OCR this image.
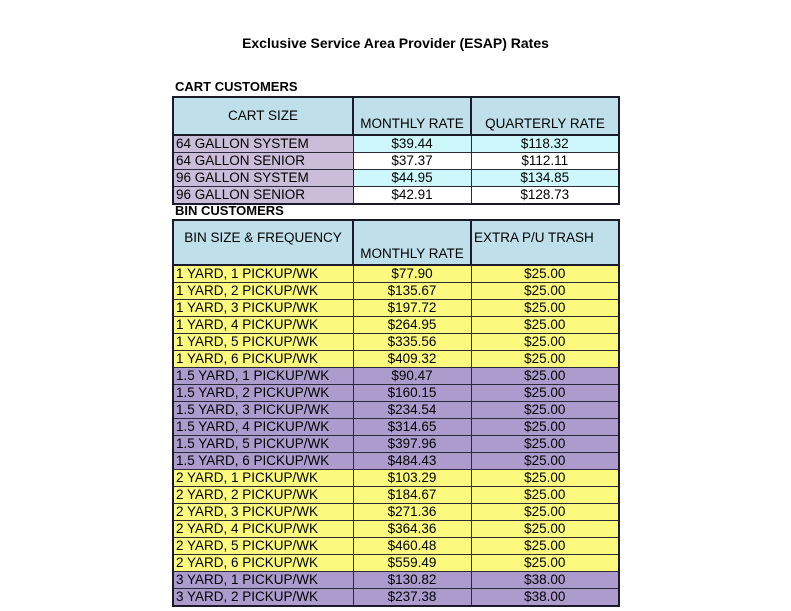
Exclusive Service Area Provider (ESAP) Rates
CART CUSTOMERS
CART SIZE	MONTHLY RATE	QUARTERLY RATE
64 GALLON SYSTEM	$39.44	$118.32
64 GALLON SENIOR	$37.37	$112.11
96 GALLON SYSTEM	$44.95	$134.85
96 GALLON SENIOR	$42.91	$128.73
BIN CUSTOMERS
BIN SIZE & FREQUENCY	MONTHLY RATE	EXTRA P/U TRASH
1 YARD, 1 PICKUP/WK	$77.90	$25.00
1 YARD, 2 PICKUP/WK	$135.67	$25.00
1 YARD, 3 PICKUP/WK	$197.72	$25.00
1 YARD, 4 PICKUP/WK	$264.95	$25.00
1 YARD, 5 PICKUP/WK	$335.56	$25.00
1 YARD, 6 PICKUP/WK	$409.32	$25.00
1.5 YARD, 1 PICKUP/WK	$90.47	$25.00
1.5 YARD, 2 PICKUP/WK	$160.15	$25.00
1.5 YARD, 3 PICKUP/WK	$234.54	$25.00
1.5 YARD, 4 PICKUP/WK	$314.65	$25.00
1.5 YARD, 5 PICKUP/WK	$397.96	$25.00
1.5 YARD, 6 PICKUP/WK	$484.43	$25.00
2 YARD, 1 PICKUP/WK	$103.29	$25.00
2 YARD, 2 PICKUP/WK	$184.67	$25.00
2 YARD, 3 PICKUP/WK	$271.36	$25.00
2 YARD, 4 PICKUP/WK	$364.36	$25.00
2 YARD, 5 PICKUP/WK	$460.48	$25.00
2 YARD, 6 PICKUP/WK	$559.49	$25.00
3 YARD, 1 PICKUP/WK	$130.82	$38.00
3 YARD, 2 PICKUP/WK	$237.38	$38.00
